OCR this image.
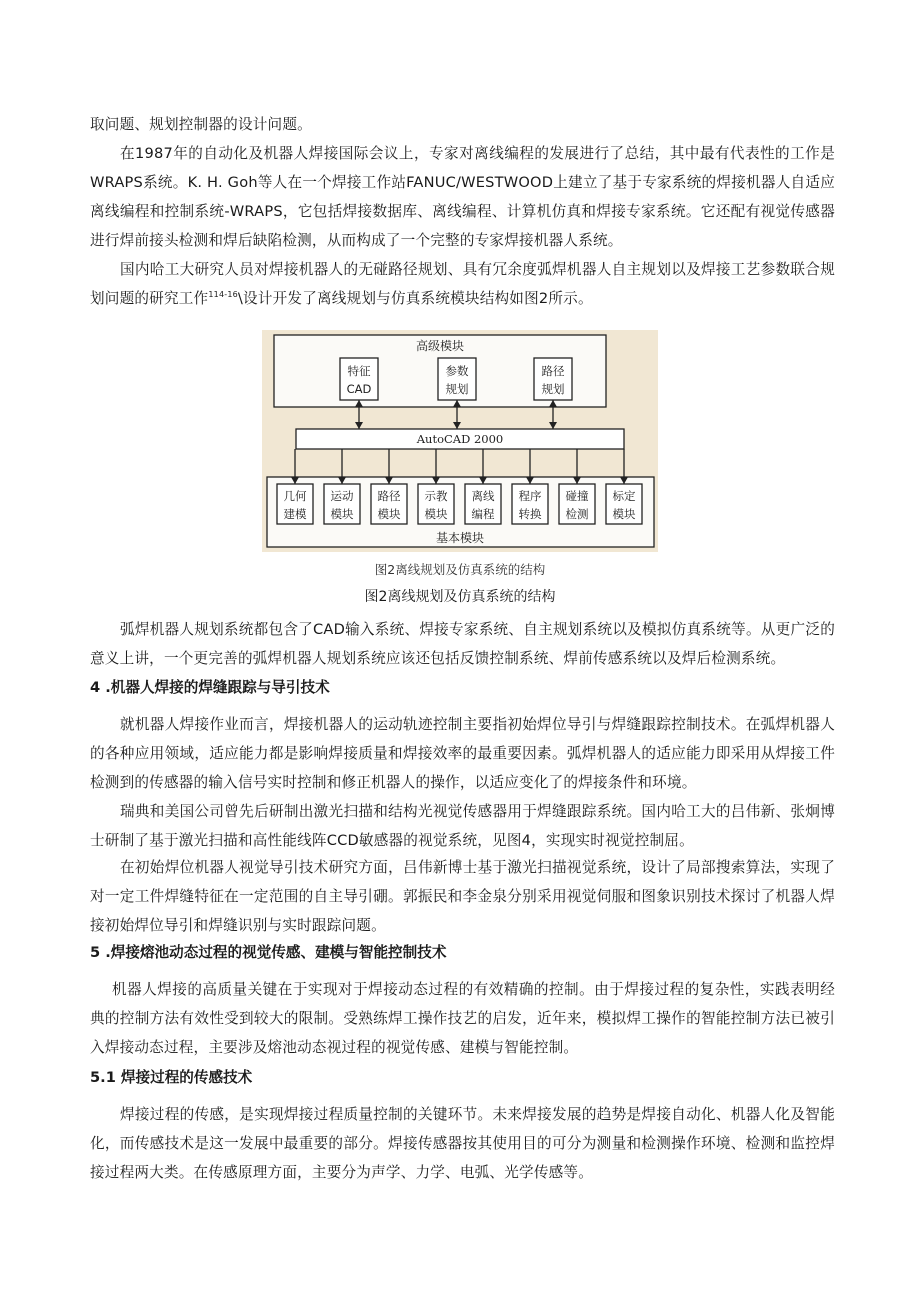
取问题、规划控制器的设计问题。

在1987年的自动化及机器人焊接国际会议上，专家对离线编程的发展进行了总结，其中最有代表性的工作是WRAPS系统。K. H. Goh等人在一个焊接工作站FANUC/WESTWOOD上建立了基于专家系统的焊接机器人自适应离线编程和控制系统-WRAPS，它包括焊接数据库、离线编程、计算机仿真和焊接专家系统。它还配有视觉传感器进行焊前接头检测和焊后缺陷检测，从而构成了一个完整的专家焊接机器人系统。

国内哈工大研究人员对焊接机器人的无碰路径规划、具有冗余度弧焊机器人自主规划以及焊接工艺参数联合规划问题的研究工作$^{114-16}$\设计开发了离线规划与仿真系统模块结构如图2所示。

高级模块
特征
CAD
参数
规划
路径
规划
AutoCAD 2000
几何
建模
运动
模块
路径
模块
示教
模块
离线
编程
程序
转换
碰撞
检测
标定
模块
基本模块
图2离线规划及仿真系统的结构
图2离线规划及仿真系统的结构

弧焊机器人规划系统都包含了CAD输入系统、焊接专家系统、自主规划系统以及模拟仿真系统等。从更广泛的意义上讲，一个更完善的弧焊机器人规划系统应该还包括反馈控制系统、焊前传感系统以及焊后检测系统。

4 .机器人焊接的焊缝跟踪与导引技术

就机器人焊接作业而言，焊接机器人的运动轨迹控制主要指初始焊位导引与焊缝跟踪控制技术。在弧焊机器人的各种应用领域，适应能力都是影响焊接质量和焊接效率的最重要因素。弧焊机器人的适应能力即采用从焊接工件检测到的传感器的输入信号实时控制和修正机器人的操作，以适应变化了的焊接条件和环境。

瑞典和美国公司曾先后研制出激光扫描和结构光视觉传感器用于焊缝跟踪系统。国内哈工大的吕伟新、张炯博士研制了基于激光扫描和高性能线阵CCD敏感器的视觉系统，见图4，实现实时视觉控制屈。

在初始焊位机器人视觉导引技术研究方面，吕伟新博士基于激光扫描视觉系统，设计了局部搜索算法，实现了对一定工件焊缝特征在一定范围的自主导引硼。郭振民和李金泉分别采用视觉伺服和图象识别技术探讨了机器人焊接初始焊位导引和焊缝识别与实时跟踪问题。

5 .焊接熔池动态过程的视觉传感、建模与智能控制技术

机器人焊接的高质量关键在于实现对于焊接动态过程的有效精确的控制。由于焊接过程的复杂性，实践表明经典的控制方法有效性受到较大的限制。受熟练焊工操作技艺的启发，近年来，模拟焊工操作的智能控制方法已被引入焊接动态过程，主要涉及熔池动态视过程的视觉传感、建模与智能控制。

5.1 焊接过程的传感技术

焊接过程的传感，是实现焊接过程质量控制的关键环节。未来焊接发展的趋势是焊接自动化、机器人化及智能化，而传感技术是这一发展中最重要的部分。焊接传感器按其使用目的可分为测量和检测操作环境、检测和监控焊接过程两大类。在传感原理方面，主要分为声学、力学、电弧、光学传感等。
